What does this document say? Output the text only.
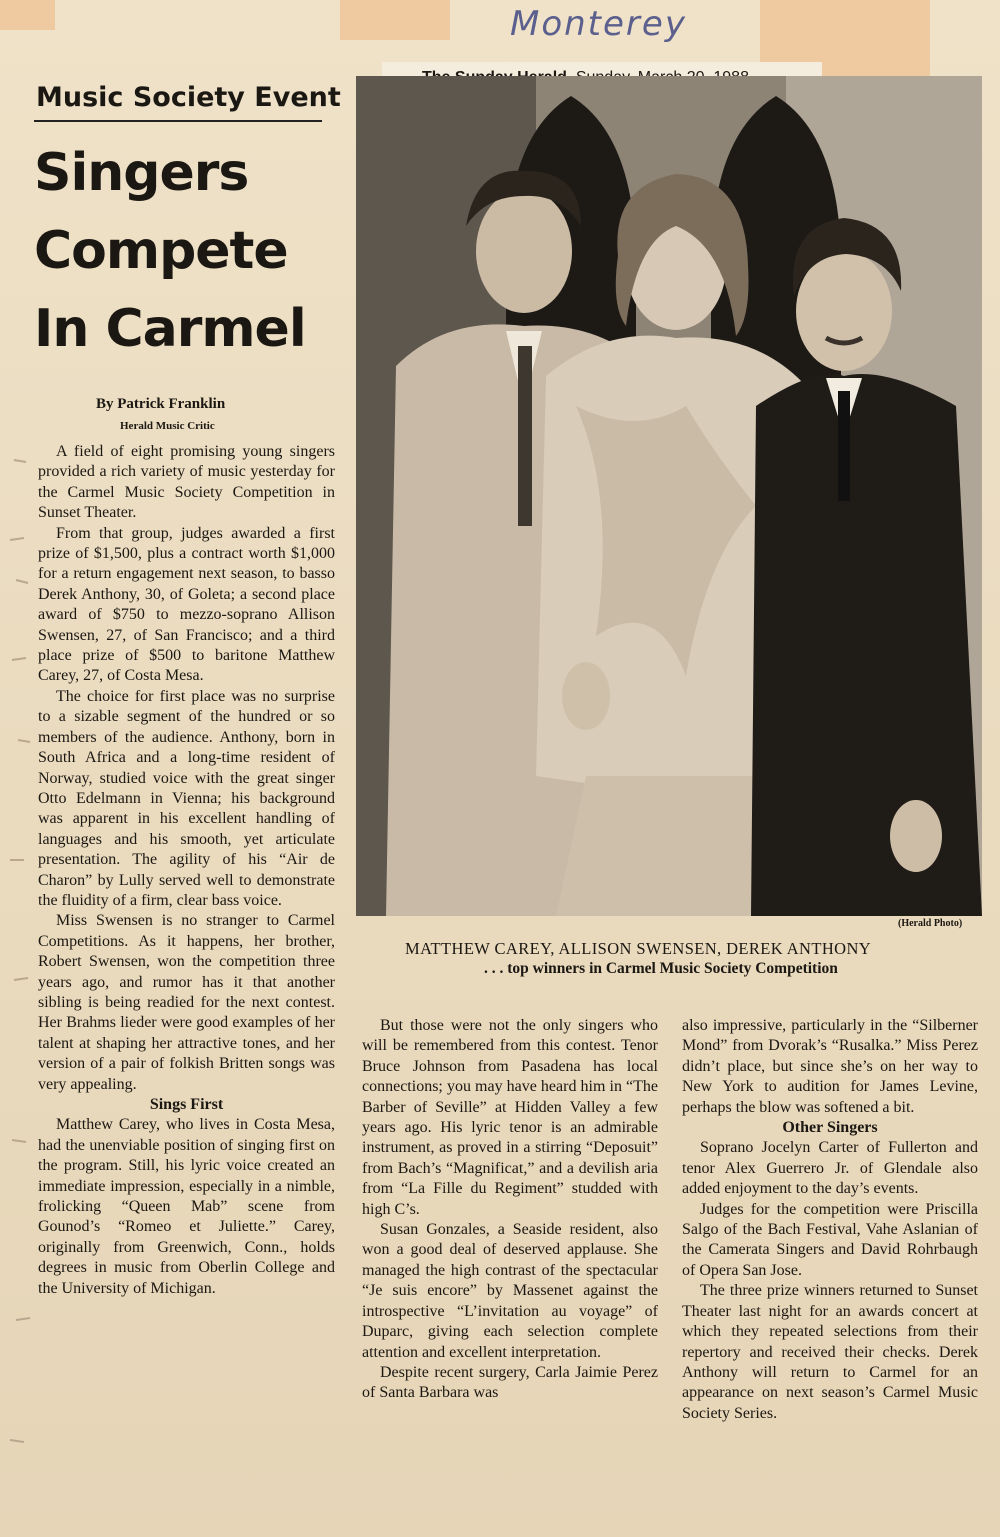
Monterey
Music Society Event
Singers
Compete
In Carmel
By Patrick Franklin
Herald Music Critic

A field of eight promising young singers provided a rich variety of music yesterday for the Carmel Music Society Competition in Sunset Theater.

From that group, judges awarded a first prize of $1,500, plus a contract worth $1,000 for a return engagement next season, to basso Derek Anthony, 30, of Goleta; a second place award of $750 to mezzo-soprano Allison Swensen, 27, of San Francisco; and a third place prize of $500 to baritone Matthew Carey, 27, of Costa Mesa.

The choice for first place was no surprise to a sizable segment of the hundred or so members of the audience. Anthony, born in South Africa and a long-time resident of Norway, studied voice with the great singer Otto Edelmann in Vienna; his background was apparent in his excellent handling of languages and his smooth, yet articulate presentation. The agility of his “Air de Charon” by Lully served well to demonstrate the fluidity of a firm, clear bass voice.

Miss Swensen is no stranger to Carmel Competitions. As it happens, her brother, Robert Swensen, won the competition three years ago, and rumor has it that another sibling is being readied for the next contest. Her Brahms lieder were good examples of her talent at shaping her attractive tones, and her version of a pair of folkish Britten songs was very appealing.

Sings First

Matthew Carey, who lives in Costa Mesa, had the unenviable position of singing first on the program. Still, his lyric voice created an immediate impression, especially in a nimble, frolicking “Queen Mab” scene from Gounod’s “Romeo et Juliette.” Carey, originally from Greenwich, Conn., holds degrees in music from Oberlin College and the University of Michigan.

(Herald Photo)
MATTHEW CAREY, ALLISON SWENSEN, DEREK ANTHONY
. . . top winners in Carmel Music Society Competition

But those were not the only singers who will be remembered from this contest. Tenor Bruce Johnson from Pasadena has local connections; you may have heard him in “The Barber of Seville” at Hidden Valley a few years ago. His lyric tenor is an admirable instrument, as proved in a stirring “Deposuit” from Bach’s “Magnificat,” and a devilish aria from “La Fille du Regiment” studded with high C’s.

Susan Gonzales, a Seaside resident, also won a good deal of deserved applause. She managed the high contrast of the spectacular “Je suis encore” by Massenet against the introspective “L’invitation au voyage” of Duparc, giving each selection complete attention and excellent interpretation.

Despite recent surgery, Carla Jaimie Perez of Santa Barbara was

also impressive, particularly in the “Silberner Mond” from Dvorak’s “Rusalka.” Miss Perez didn’t place, but since she’s on her way to New York to audition for James Levine, perhaps the blow was softened a bit.

Other Singers

Soprano Jocelyn Carter of Fullerton and tenor Alex Guerrero Jr. of Glendale also added enjoyment to the day’s events.

Judges for the competition were Priscilla Salgo of the Bach Festival, Vahe Aslanian of the Camerata Singers and David Rohrbaugh of Opera San Jose.

The three prize winners returned to Sunset Theater last night for an awards concert at which they repeated selections from their repertory and received their checks. Derek Anthony will return to Carmel for an appearance on next season’s Carmel Music Society Series.
